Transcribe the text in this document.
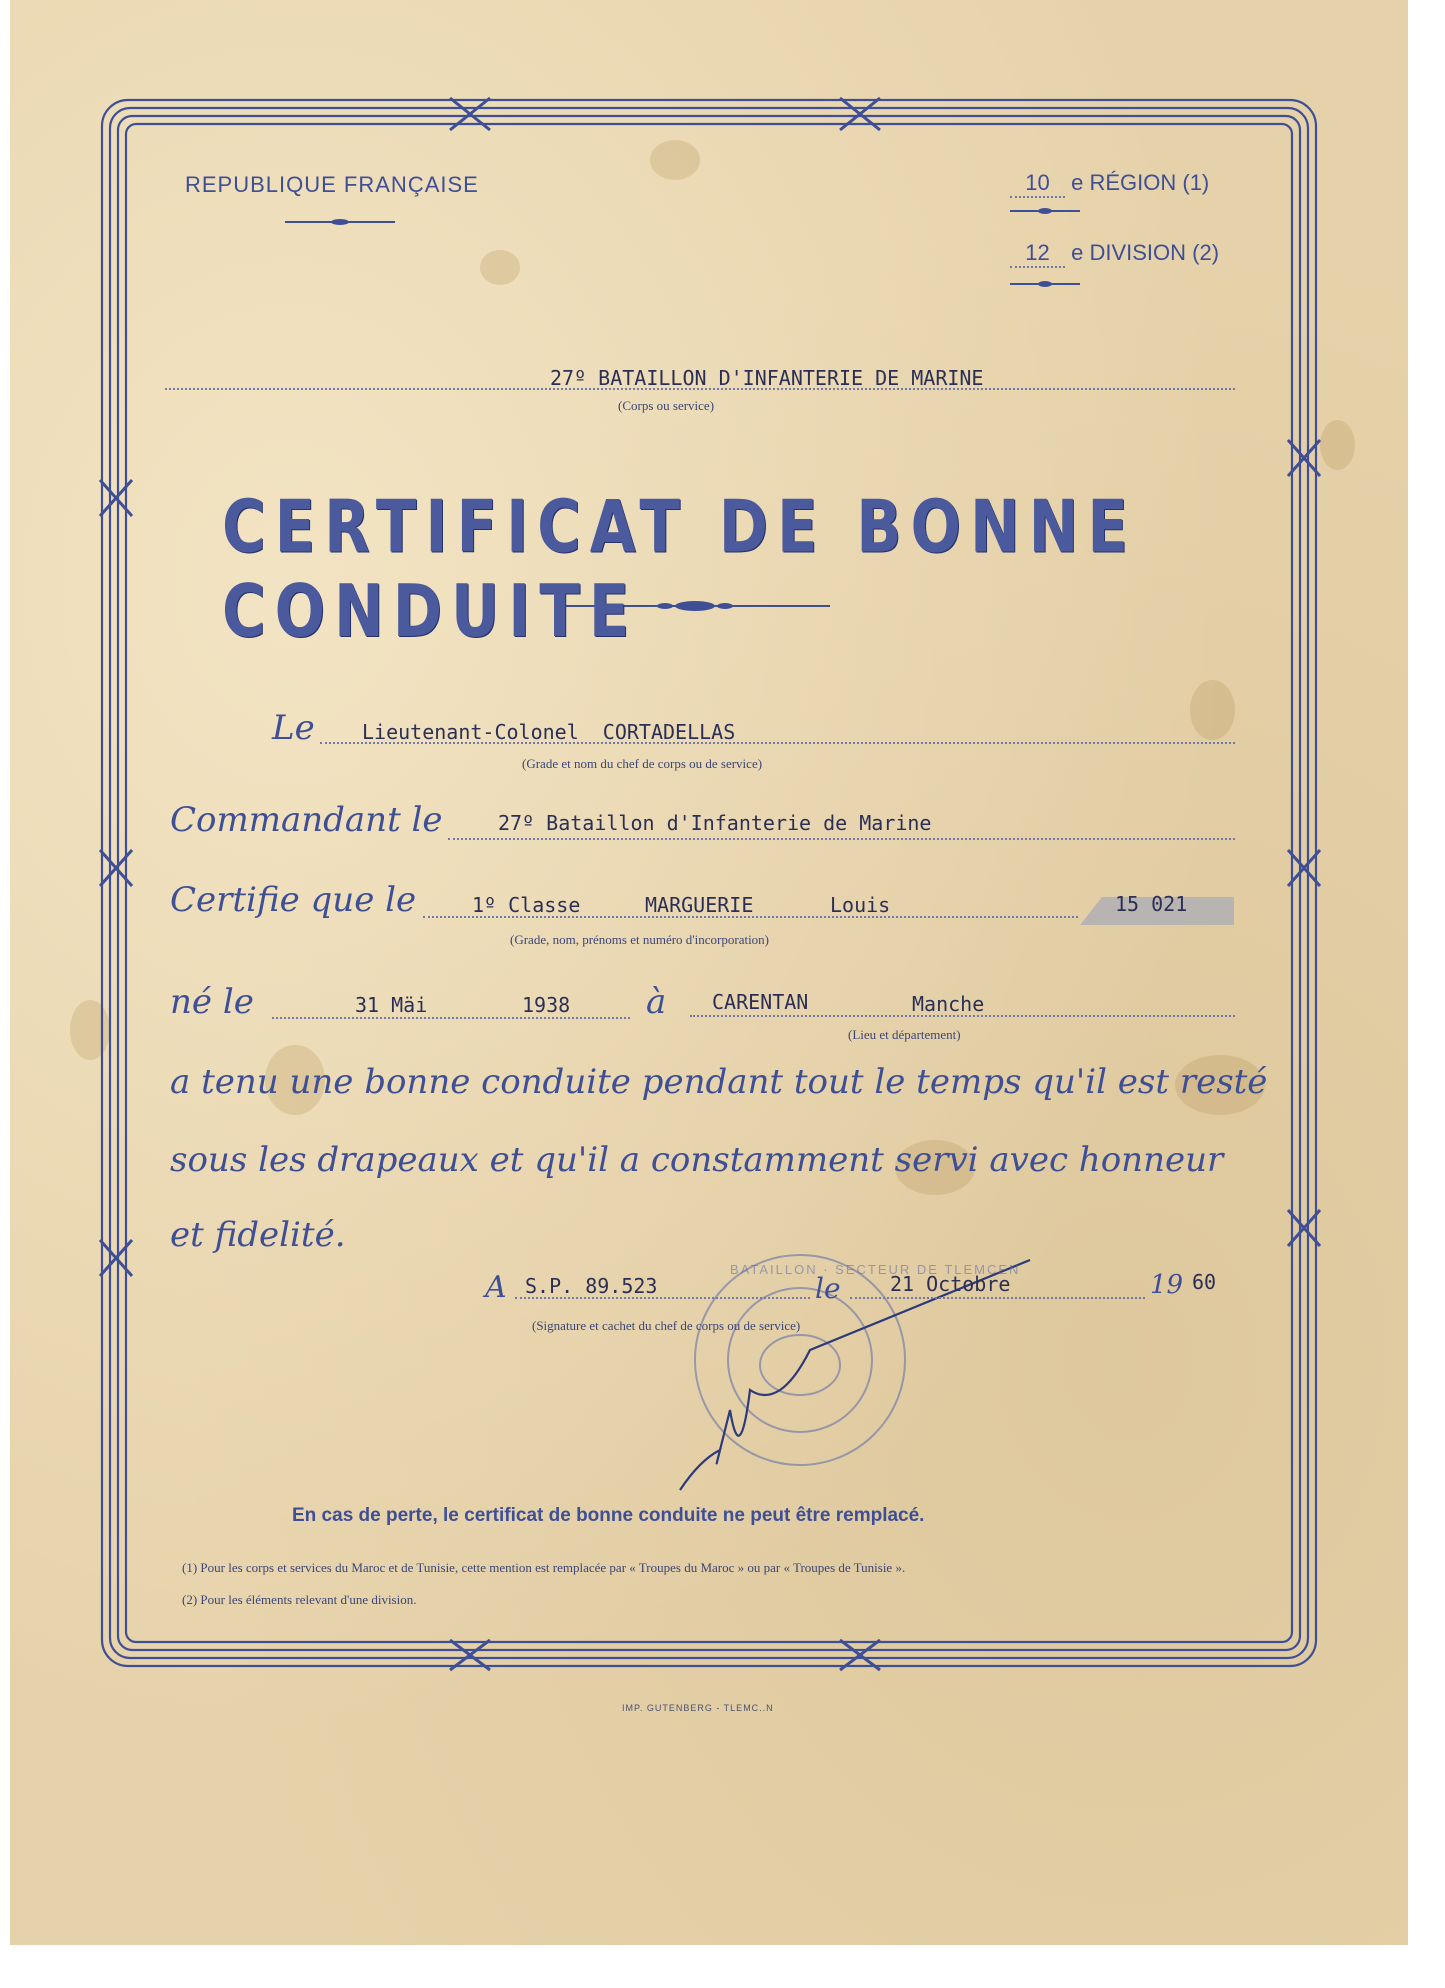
REPUBLIQUE FRANÇAISE	10 e RÉGION (1)
12 e DIVISION (2)
27º BATAILLON D'INFANTERIE DE MARINE
(Corps ou service)
CERTIFICAT DE BONNE CONDUITE
Le Lieutenant-Colonel CORTADELLAS
(Grade et nom du chef de corps ou de service)
Commandant le	27º Bataillon d'Infanterie de Marine
Certifie que le	1º Classe	MARGUERIE	Louis	15 021
(Grade, nom, prénoms et numéro d'incorporation)
né le	31 Mäi	1938 à CARENTAN	Manche
(Lieu et département)
a tenu une bonne conduite pendant tout le temps qu'il est resté
sous les drapeaux et qu'il a constamment servi avec honneur
et fidelité.
A S.P. 89.523	le 21 Octobre	19 60
(Signature et cachet du chef de corps ou de service)
BATAILLON · SECTEUR DE TLEMCEN
En cas de perte, le certificat de bonne conduite ne peut être remplacé.
(1) Pour les corps et services du Maroc et de Tunisie, cette mention est remplacée par « Troupes du Maroc » ou par « Troupes de Tunisie ».
(2) Pour les éléments relevant d'une division.
IMP. GUTENBERG - TLEMC..N
